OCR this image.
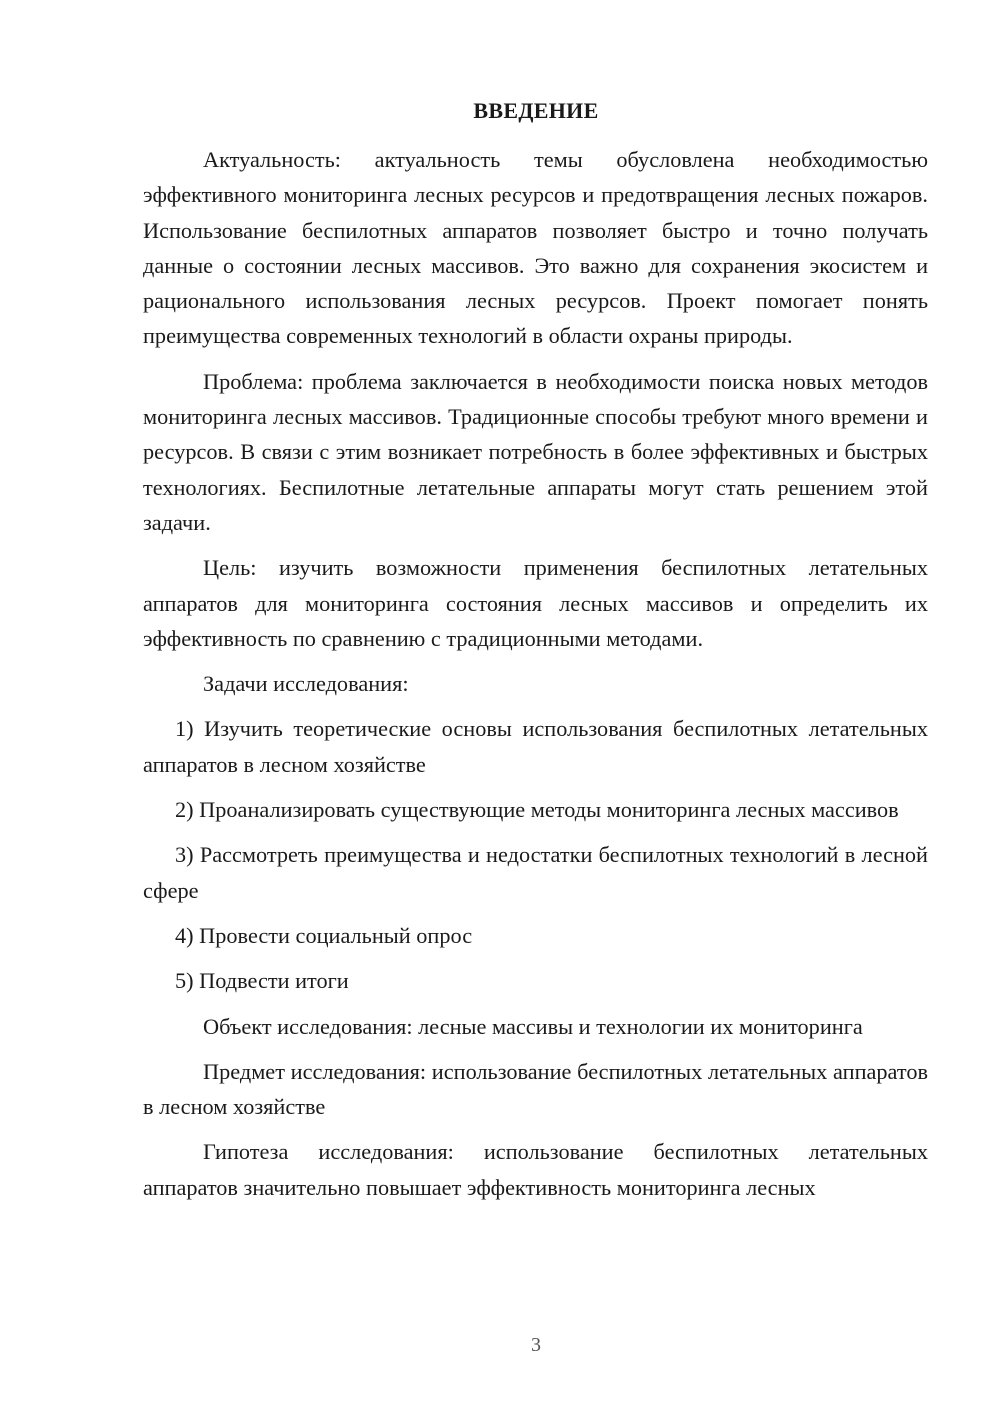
ВВЕДЕНИЕ

Актуальность: актуальность темы обусловлена необходимостью эффективного мониторинга лесных ресурсов и предотвращения лесных пожаров. Использование беспилотных аппаратов позволяет быстро и точно получать данные о состоянии лесных массивов. Это важно для сохранения экосистем и рационального использования лесных ресурсов. Проект помогает понять преимущества современных технологий в области охраны природы.

Проблема: проблема заключается в необходимости поиска новых методов мониторинга лесных массивов. Традиционные способы требуют много времени и ресурсов. В связи с этим возникает потребность в более эффективных и быстрых технологиях. Беспилотные летательные аппараты могут стать решением этой задачи.

Цель: изучить возможности применения беспилотных летательных аппаратов для мониторинга состояния лесных массивов и определить их эффективность по сравнению с традиционными методами.

Задачи исследования:

1) Изучить теоретические основы использования беспилотных летательных аппаратов в лесном хозяйстве

2) Проанализировать существующие методы мониторинга лесных массивов

3) Рассмотреть преимущества и недостатки беспилотных технологий в лесной сфере

4) Провести социальный опрос

5) Подвести итоги

Объект исследования: лесные массивы и технологии их мониторинга

Предмет исследования: использование беспилотных летательных аппаратов в лесном хозяйстве

Гипотеза исследования: использование беспилотных летательных аппаратов значительно повышает эффективность мониторинга лесных

3
